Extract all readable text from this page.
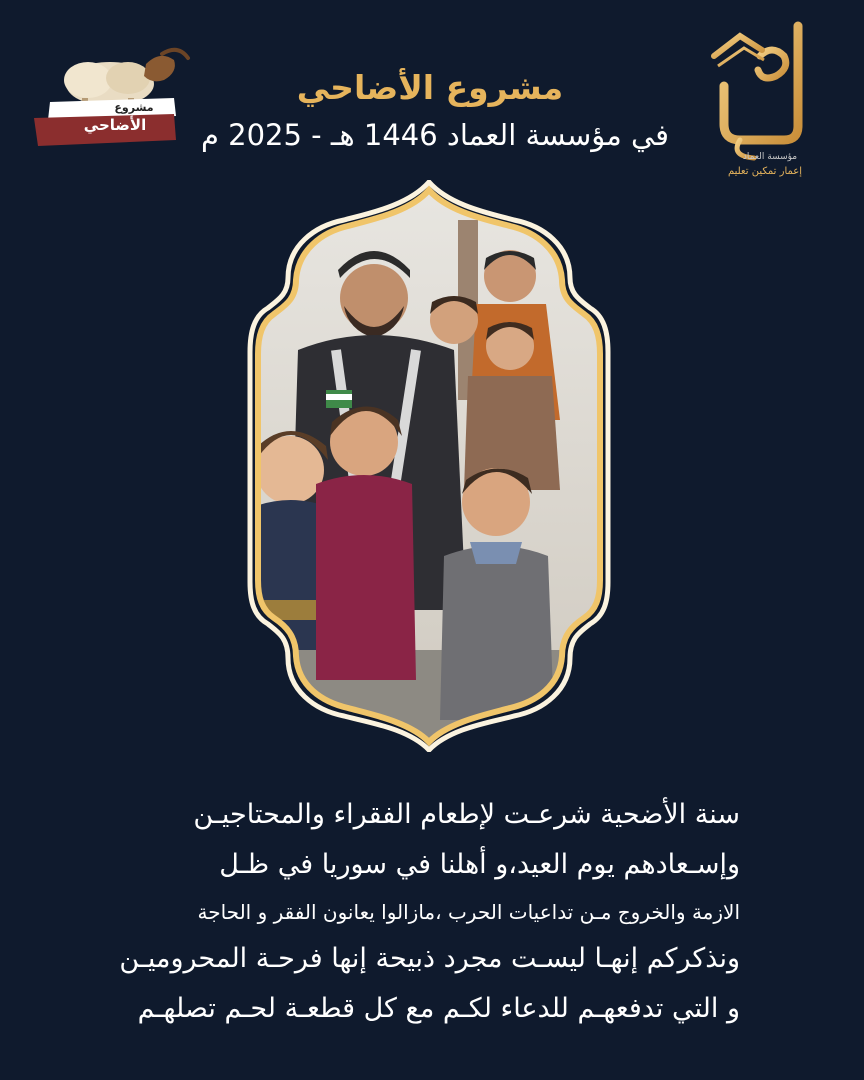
مشروع الأضاحي
في مؤسسة العماد 1446 هـ - 2025 م
مؤسسة العماد
إعمار تمكين تعليم
مشروع
الأضاحي
سنة الأضحية شرعـت لإطعام الفقراء والمحتاجيـن
وإسـعادهم يوم العيد،و أهلنا في سوريا في ظـل
الازمة والخروج مـن تداعيات الحرب ،مازالوا يعانون الفقر و الحاجة
ونذكركم إنهـا ليسـت مجرد ذبيحة إنها فرحـة المحروميـن
و التي تدفعهـم للدعاء لكـم مع كل قطعـة لحـم تصلهـم
